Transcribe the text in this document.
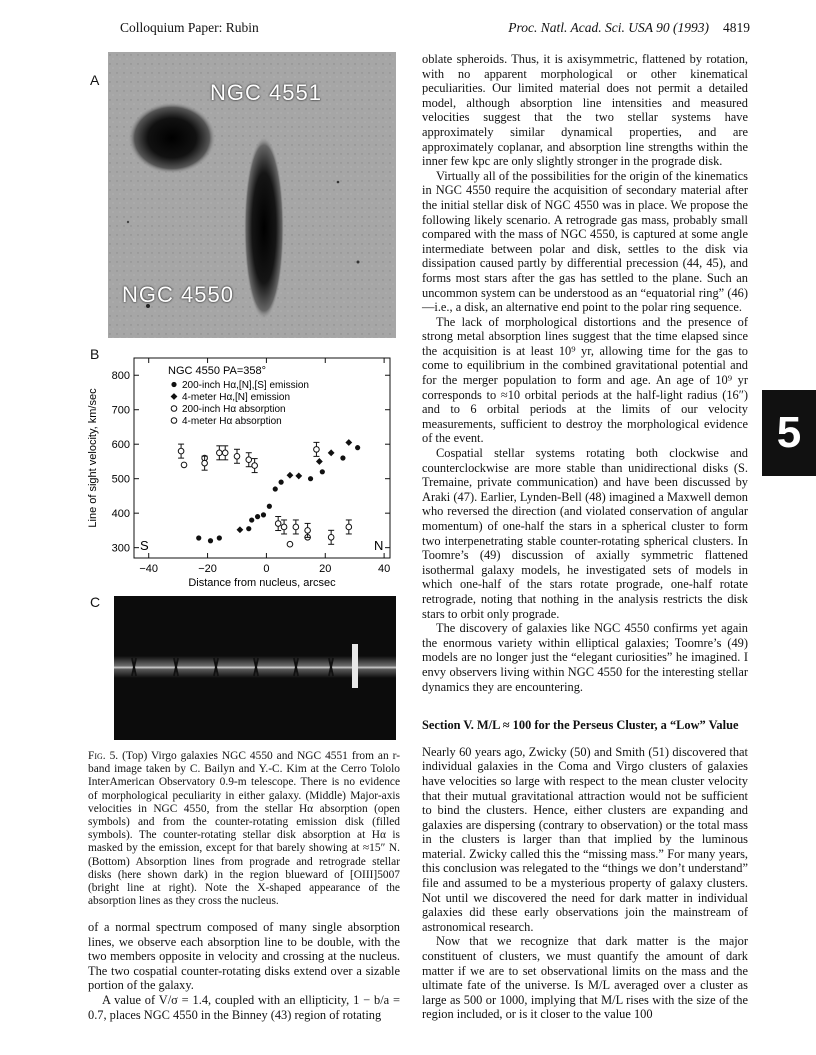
Colloquium Paper: Rubin	Proc. Natl. Acad. Sci. USA 90 (1993) 4819
A	NGC 4551
NGC 4550
B
−40	−20	0	20	40
300
400
500
600
700
800	NGC 4550 PA=358°
200-inch Hα,[N],[S] emission
4-meter Hα,[N] emission
200-inch Hα absorption
4-meter Hα absorption
Distance from nucleus, arcsec
Line of sight velocity, km/sec
S	N
C
Fig. 5. (Top) Virgo galaxies NGC 4550 and NGC 4551 from an r-band image taken by C. Bailyn and Y.-C. Kim at the Cerro Tololo InterAmerican Observatory 0.9-m telescope. There is no evidence of morphological peculiarity in either galaxy. (Middle) Major-axis velocities in NGC 4550, from the stellar Hα absorption (open symbols) and from the counter-rotating emission disk (filled symbols). The counter-rotating stellar disk absorption at Hα is masked by the emission, except for that barely showing at ≈15″ N. (Bottom) Absorption lines from prograde and retrograde stellar disks (here shown dark) in the region blueward of [OIII]5007 (bright line at right). Note the X-shaped appearance of the absorption lines as they cross the nucleus.

of a normal spectrum composed of many single absorption lines, we observe each absorption line to be double, with the two members opposite in velocity and crossing at the nucleus. The two cospatial counter-rotating disks extend over a sizable portion of the galaxy.

A value of V/σ = 1.4, coupled with an ellipticity, 1 − b/a = 0.7, places NGC 4550 in the Binney (43) region of rotating

oblate spheroids. Thus, it is axisymmetric, flattened by rotation, with no apparent morphological or other kinematical peculiarities. Our limited material does not permit a detailed model, although absorption line intensities and measured velocities suggest that the two stellar systems have approximately similar dynamical properties, and are approximately coplanar, and absorption line strengths within the inner few kpc are only slightly stronger in the prograde disk.

Virtually all of the possibilities for the origin of the kinematics in NGC 4550 require the acquisition of secondary material after the initial stellar disk of NGC 4550 was in place. We propose the following likely scenario. A retrograde gas mass, probably small compared with the mass of NGC 4550, is captured at some angle intermediate between polar and disk, settles to the disk via dissipation caused partly by differential precession (44, 45), and forms most stars after the gas has settled to the plane. Such an uncommon system can be understood as an “equatorial ring” (46)—i.e., a disk, an alternative end point to the polar ring sequence.

The lack of morphological distortions and the presence of strong metal absorption lines suggest that the time elapsed since the acquisition is at least 10⁹ yr, allowing time for the gas to come to equilibrium in the combined gravitational potential and for the merger population to form and age. An age of 10⁹ yr corresponds to ≈10 orbital periods at the half-light radius (16″) and to 6 orbital periods at the limits of our velocity measurements, sufficient to destroy the morphological evidence of the event.

Cospatial stellar systems rotating both clockwise and counterclockwise are more stable than unidirectional disks (S. Tremaine, private communication) and have been discussed by Araki (47). Earlier, Lynden-Bell (48) imagined a Maxwell demon who reversed the direction (and violated conservation of angular momentum) of one-half the stars in a spherical cluster to form two interpenetrating stable counter-rotating spherical clusters. In Toomre’s (49) discussion of axially symmetric flattened isothermal galaxy models, he investigated sets of models in which one-half of the stars rotate prograde, one-half rotate retrograde, noting that nothing in the analysis restricts the disk stars to orbit only prograde.

The discovery of galaxies like NGC 4550 confirms yet again the enormous variety within elliptical galaxies; Toomre’s (49) models are no longer just the “elegant curiosities” he imagined. I envy observers living within NGC 4550 for the interesting stellar dynamics they are encountering.

Section V. M/L ≈ 100 for the Perseus Cluster, a “Low” Value

Nearly 60 years ago, Zwicky (50) and Smith (51) discovered that individual galaxies in the Coma and Virgo clusters of galaxies have velocities so large with respect to the mean cluster velocity that their mutual gravitational attraction would not be sufficient to bind the clusters. Hence, either clusters are expanding and galaxies are dispersing (contrary to observation) or the total mass in the clusters is larger than that implied by the luminous material. Zwicky called this the “missing mass.” For many years, this conclusion was relegated to the “things we don’t understand” file and assumed to be a mysterious property of galaxy clusters. Not until we discovered the need for dark matter in individual galaxies did these early observations join the mainstream of astronomical research.

Now that we recognize that dark matter is the major constituent of clusters, we must quantify the amount of dark matter if we are to set observational limits on the mass and the ultimate fate of the universe. Is M/L averaged over a cluster as large as 500 or 1000, implying that M/L rises with the size of the region included, or is it closer to the value 100

5
